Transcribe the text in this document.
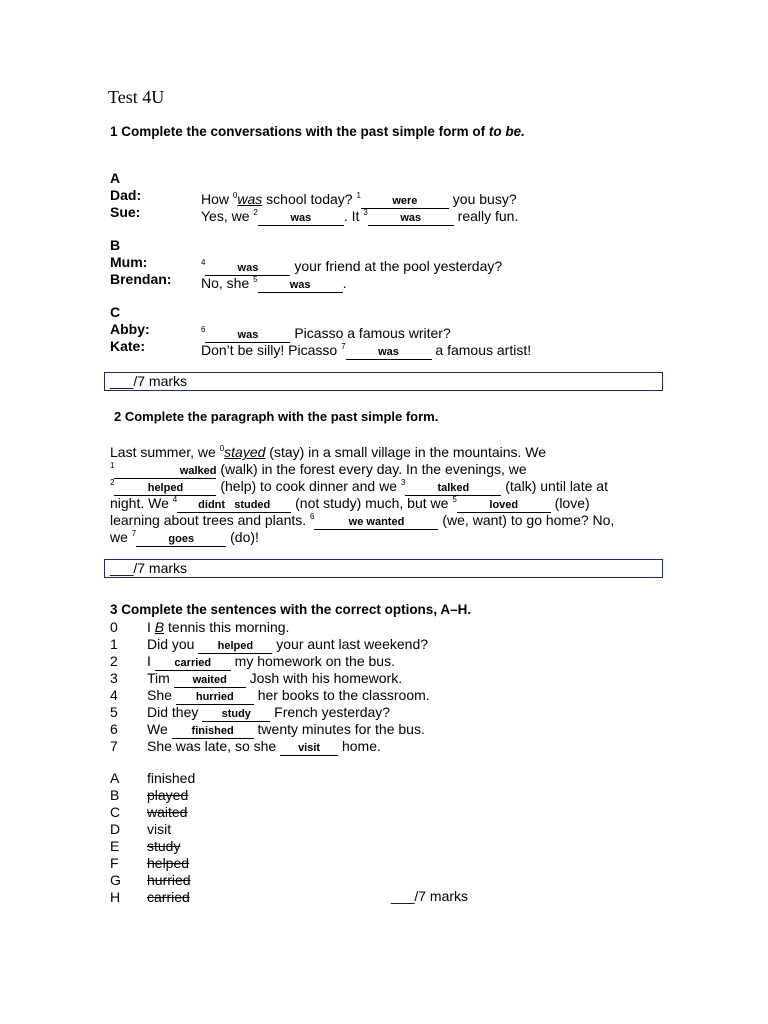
Test 4U
1 Complete the conversations with the past simple form of to be.
A
Dad:	How $^0$was school today? $^1$	were you busy?
Sue:	Yes, we $^2$	was . It $^3$	was really fun.
B
Mum:	$^4$	was your friend at the pool yesterday?
Brendan: No, she $^5$	was .
C
Abby:	$^6$	was Picasso a famous writer?
Kate:	Don’t be silly! Picasso $^7$	was a famous artist!
___/7 marks
2 Complete the paragraph with the past simple form.
Last summer, we $^0$stayed (stay) in a small village in the mountains. We
$^1$	walked (walk) in the forest every day. In the evenings, we
$^2$	helped (help) to cook dinner and we $^3$	talked (talk) until late at
night. We $^4$ didnt   studed (not study) much, but we $^5$	loved (love)
learning about trees and plants. $^6$	we wanted (we, want) to go home? No,
we $^7$	goes (do)!
___/7 marks
3 Complete the sentences with the correct options, A–H.
0 I B tennis this morning.
1 Did you helped your aunt last weekend?
2 I carried my homework on the bus.
3 Tim waited Josh with his homework.
4 She hurried her books to the classroom.
5 Did they study French yesterday?
6 We finished twenty minutes for the bus.
7 She was late, so she visit home.
A finished
B played
C waited
D visit
E study
F helped
G hurried
H carried	___/7 marks
